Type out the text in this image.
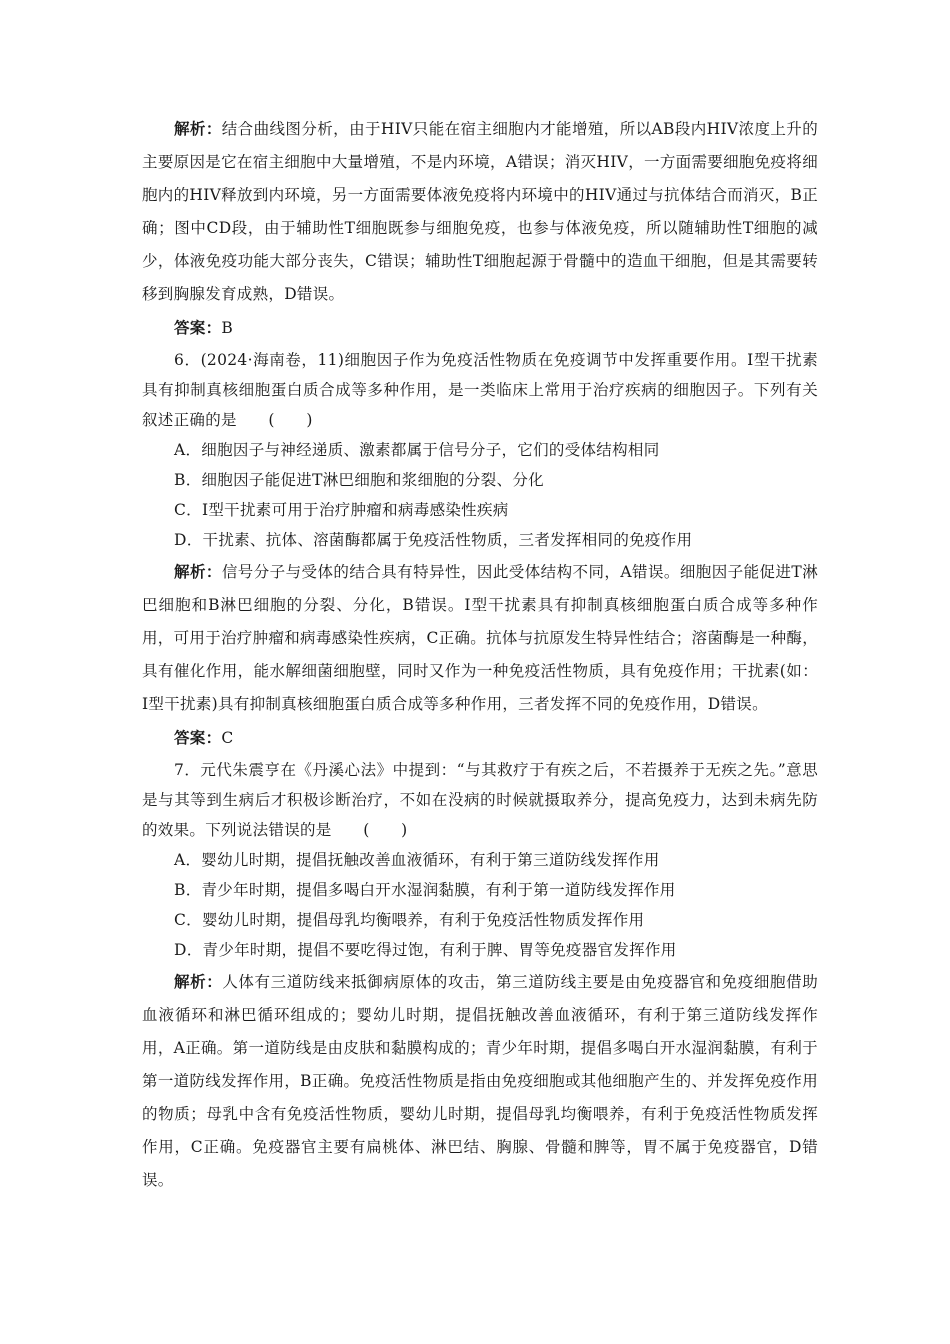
解析：结合曲线图分析，由于HIV只能在宿主细胞内才能增殖，所以AB段内HIV浓度上升的主要原因是它在宿主细胞中大量增殖，不是内环境，A错误；消灭HIV，一方面需要细胞免疫将细胞内的HIV释放到内环境，另一方面需要体液免疫将内环境中的HIV通过与抗体结合而消灭，B正确；图中CD段，由于辅助性T细胞既参与细胞免疫，也参与体液免疫，所以随辅助性T细胞的减少，体液免疫功能大部分丧失，C错误；辅助性T细胞起源于骨髓中的造血干细胞，但是其需要转移到胸腺发育成熟，D错误。

答案：B

6．(2024·海南卷，11)细胞因子作为免疫活性物质在免疫调节中发挥重要作用。Ⅰ型干扰素具有抑制真核细胞蛋白质合成等多种作用，是一类临床上常用于治疗疾病的细胞因子。下列有关叙述正确的是　　(　　)

A．细胞因子与神经递质、激素都属于信号分子，它们的受体结构相同

B．细胞因子能促进T淋巴细胞和浆细胞的分裂、分化

C．Ⅰ型干扰素可用于治疗肿瘤和病毒感染性疾病

D．干扰素、抗体、溶菌酶都属于免疫活性物质，三者发挥相同的免疫作用

解析：信号分子与受体的结合具有特异性，因此受体结构不同，A错误。细胞因子能促进T淋巴细胞和B淋巴细胞的分裂、分化，B错误。Ⅰ型干扰素具有抑制真核细胞蛋白质合成等多种作用，可用于治疗肿瘤和病毒感染性疾病，C正确。抗体与抗原发生特异性结合；溶菌酶是一种酶，具有催化作用，能水解细菌细胞壁，同时又作为一种免疫活性物质，具有免疫作用；干扰素(如：Ⅰ型干扰素)具有抑制真核细胞蛋白质合成等多种作用，三者发挥不同的免疫作用，D错误。

答案：C

7．元代朱震亨在《丹溪心法》中提到：“与其救疗于有疾之后，不若摄养于无疾之先。”意思是与其等到生病后才积极诊断治疗，不如在没病的时候就摄取养分，提高免疫力，达到未病先防的效果。下列说法错误的是　　(　　)

A．婴幼儿时期，提倡抚触改善血液循环，有利于第三道防线发挥作用

B．青少年时期，提倡多喝白开水湿润黏膜，有利于第一道防线发挥作用

C．婴幼儿时期，提倡母乳均衡喂养，有利于免疫活性物质发挥作用

D．青少年时期，提倡不要吃得过饱，有利于脾、胃等免疫器官发挥作用

解析：人体有三道防线来抵御病原体的攻击，第三道防线主要是由免疫器官和免疫细胞借助血液循环和淋巴循环组成的；婴幼儿时期，提倡抚触改善血液循环，有利于第三道防线发挥作用，A正确。第一道防线是由皮肤和黏膜构成的；青少年时期，提倡多喝白开水湿润黏膜，有利于第一道防线发挥作用，B正确。免疫活性物质是指由免疫细胞或其他细胞产生的、并发挥免疫作用的物质；母乳中含有免疫活性物质，婴幼儿时期，提倡母乳均衡喂养，有利于免疫活性物质发挥作用，C正确。免疫器官主要有扁桃体、淋巴结、胸腺、骨髓和脾等，胃不属于免疫器官，D错误。
